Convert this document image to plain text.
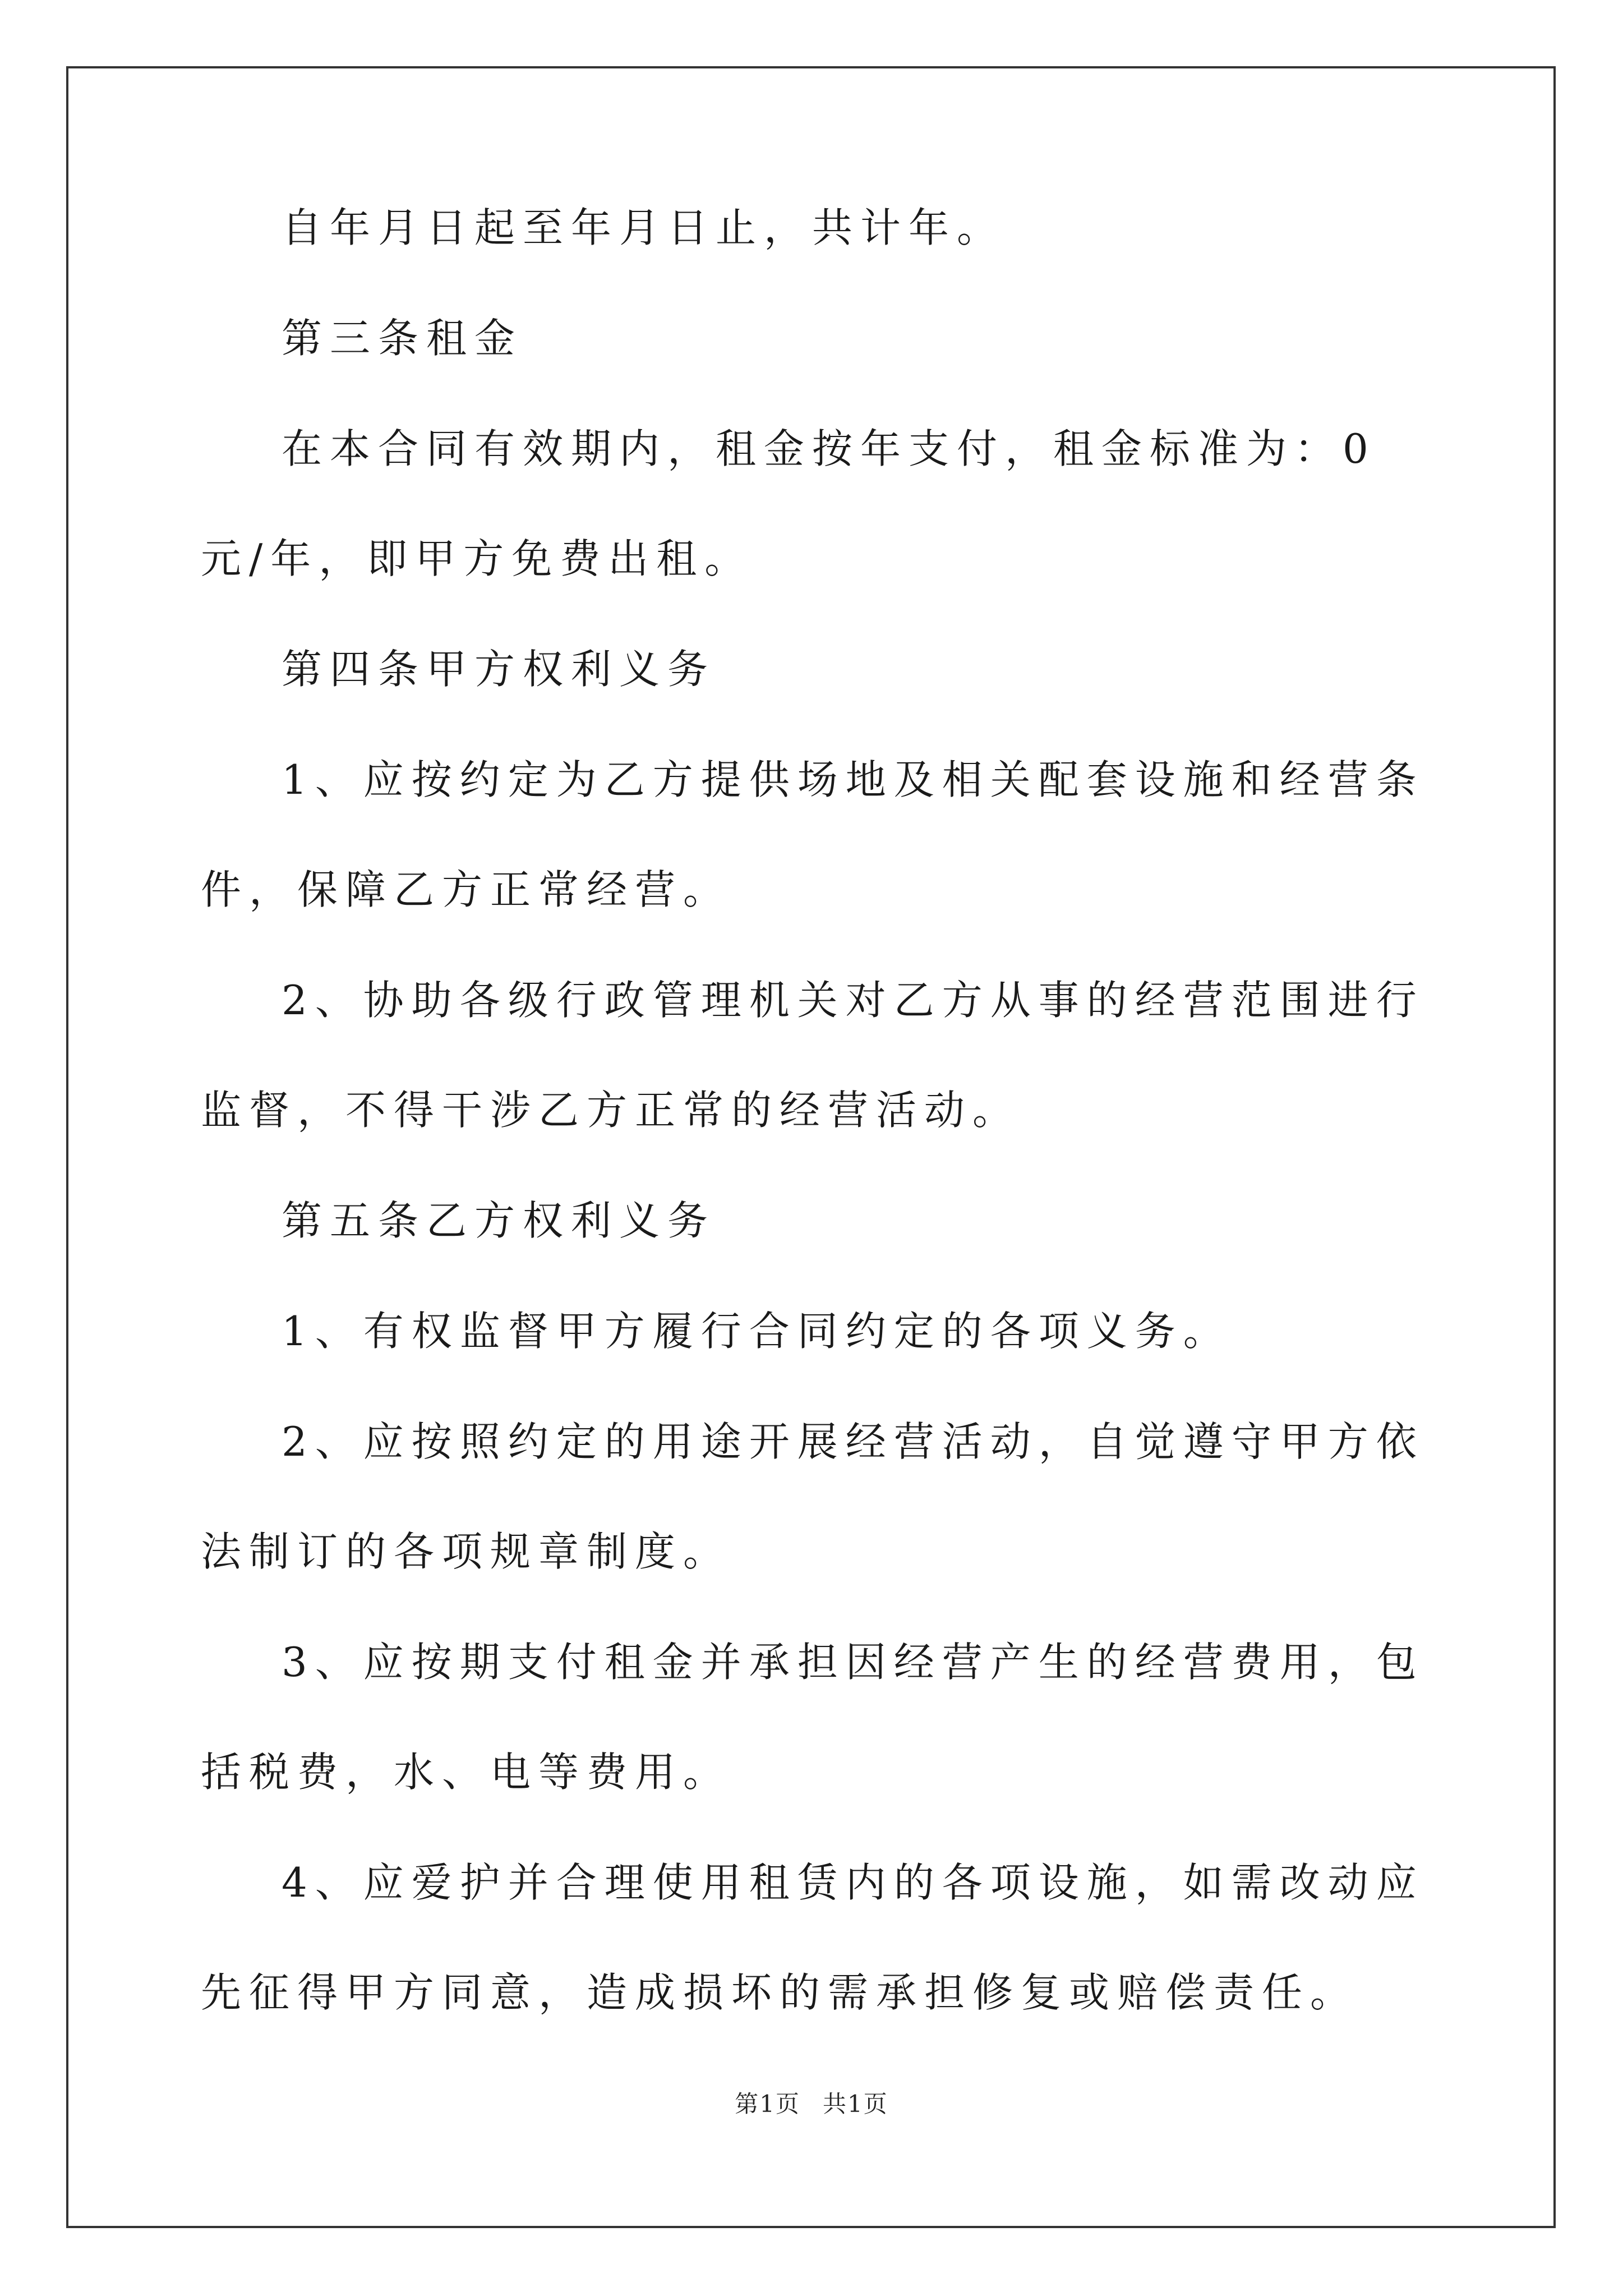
自年月日起至年月日止，共计年。

第三条租金

在本合同有效期内，租金按年支付，租金标准为：0元/年，即甲方免费出租。

第四条甲方权利义务

1、应按约定为乙方提供场地及相关配套设施和经营条件，保障乙方正常经营。

2、协助各级行政管理机关对乙方从事的经营范围进行监督，不得干涉乙方正常的经营活动。

第五条乙方权利义务

1、有权监督甲方履行合同约定的各项义务。

2、应按照约定的用途开展经营活动，自觉遵守甲方依法制订的各项规章制度。

3、应按期支付租金并承担因经营产生的经营费用，包括税费，水、电等费用。

4、应爱护并合理使用租赁内的各项设施，如需改动应先征得甲方同意，造成损坏的需承担修复或赔偿责任。

第1页 共1页
